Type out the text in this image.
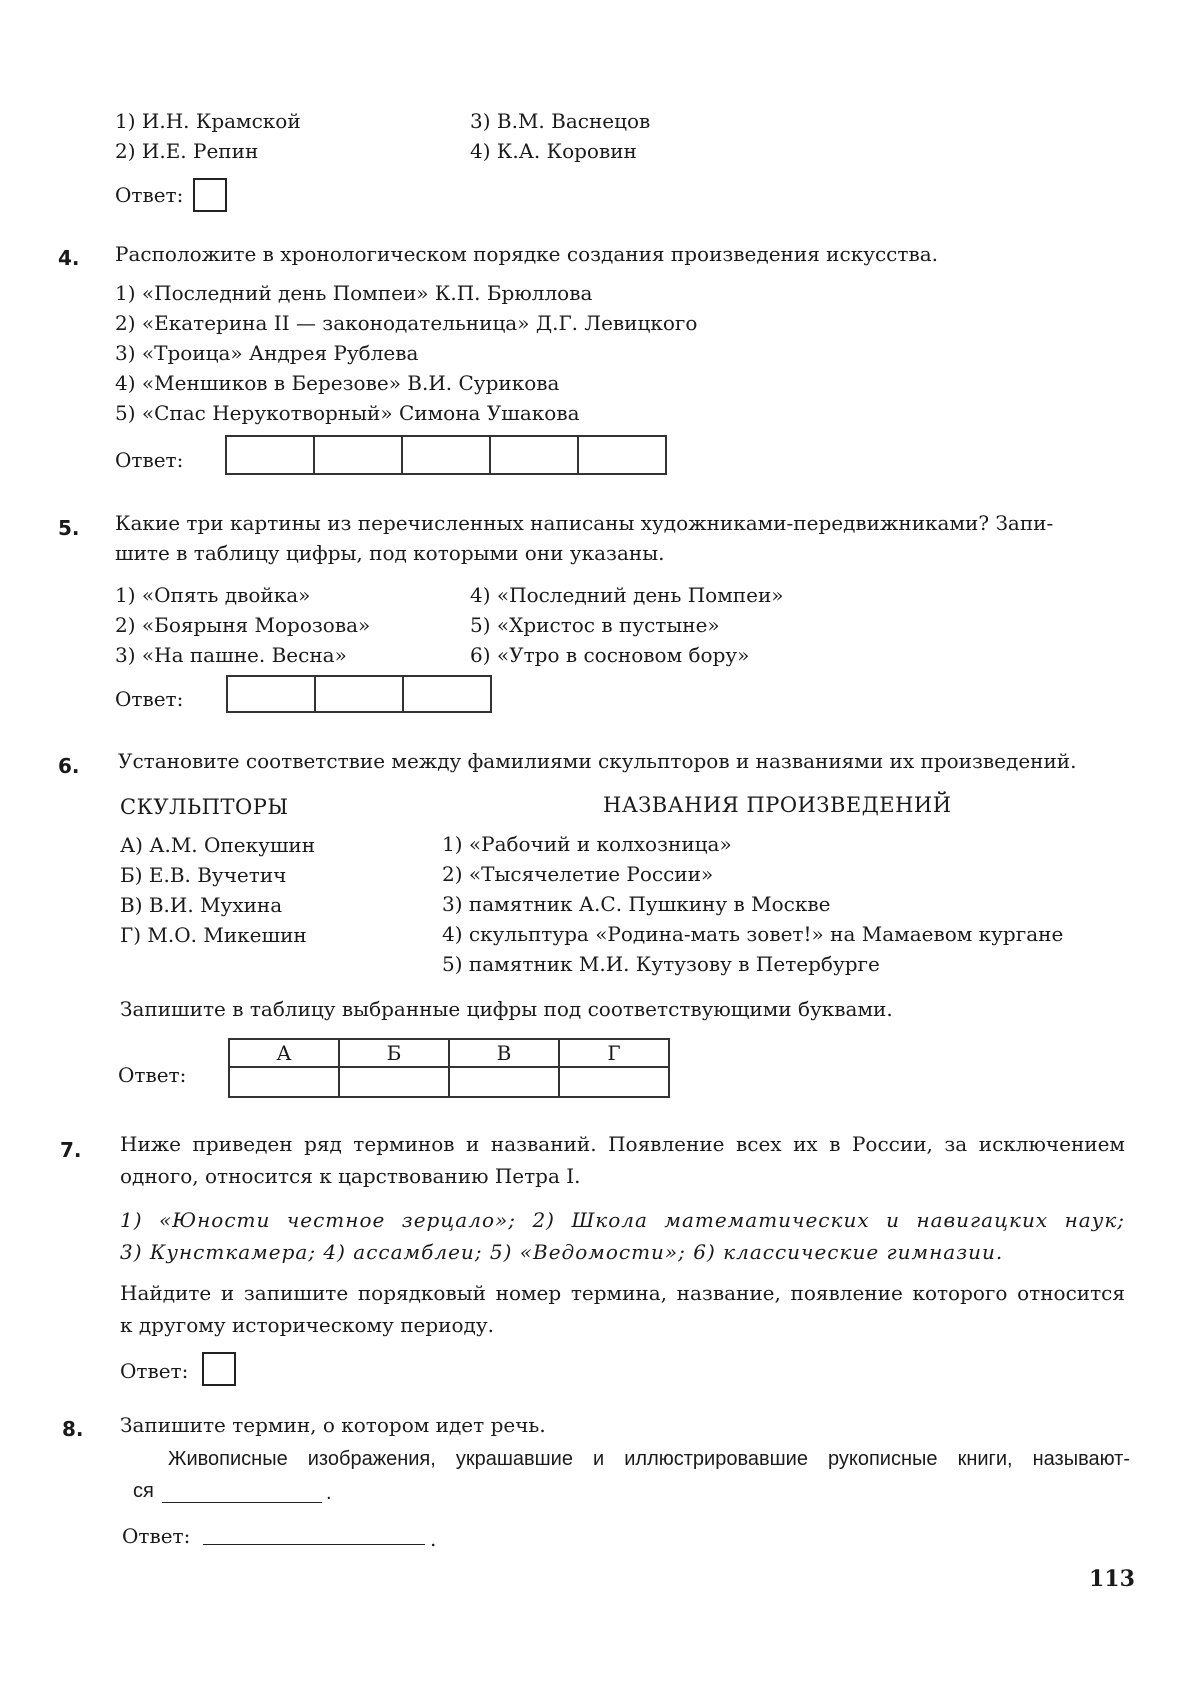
1) И.Н. Крамской
2) И.Е. Репин
3) В.М. Васнецов
4) К.А. Коровин
Ответ:
4. Расположите в хронологическом порядке создания произведения искусства.
1) «Последний день Помпеи» К.П. Брюллова
2) «Екатерина II — законодательница» Д.Г. Левицкого
3) «Троица» Андрея Рублева
4) «Меншиков в Березове» В.И. Сурикова
5) «Спас Нерукотворный» Симона Ушакова
Ответ:

5. Какие три картины из перечисленных написаны художниками-передвижниками? Запи-
шите в таблицу цифры, под которыми они указаны.
1) «Опять двойка»
2) «Боярыня Морозова»
3) «На пашне. Весна»
4) «Последний день Помпеи»
5) «Христос в пустыне»
6) «Утро в сосновом бору»
Ответ:

6. Установите соответствие между фамилиями скульпторов и названиями их произведений.
СКУЛЬПТОРЫ	НАЗВАНИЯ ПРОИЗВЕДЕНИЙ
А) А.М. Опекушин
Б) Е.В. Вучетич
В) В.И. Мухина
Г) М.О. Микешин
1) «Рабочий и колхозница»
2) «Тысячелетие России»
3) памятник А.С. Пушкину в Москве
4) скульптура «Родина-мать зовет!» на Мамаевом кургане
5) памятник М.И. Кутузову в Петербурге
Запишите в таблицу выбранные цифры под соответствующими буквами.
Ответ:
А	Б	В	Г

7. Ниже приведен ряд терминов и названий. Появление всех их в России, за исключением
одного, относится к царствованию Петра I.
1) «Юности честное зерцало»; 2) Школа математических и навигацких наук;
3) Кунсткамера; 4) ассамблеи; 5) «Ведомости»; 6) классические гимназии.
Найдите и запишите порядковый номер термина, название, появление которого относится
к другому историческому периоду.
Ответ:
8. Запишите термин, о котором идет речь.
Живописные изображения, украшавшие и иллюстрировавшие рукописные книги, называют-
ся	.
Ответ:	.
113
